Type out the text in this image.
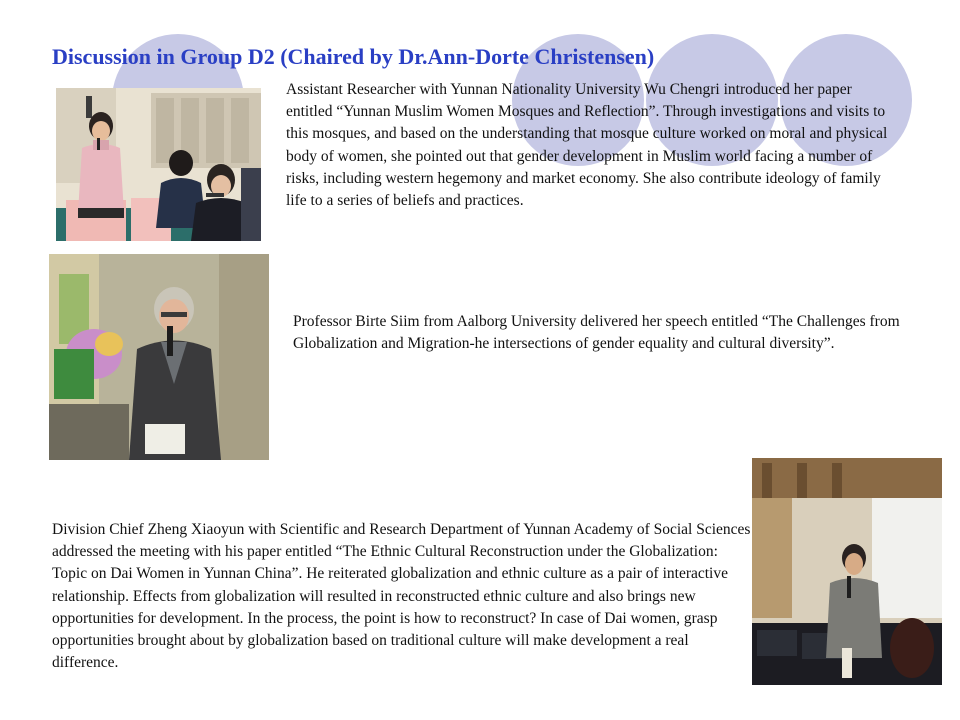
Discussion in Group D2 (Chaired by Dr.Ann-Dorte Christensen)

Assistant Researcher with Yunnan Nationality University Wu Chengri introduced her paper entitled “Yunnan Muslim Women Mosques and Reflection”. Through investigations and visits to this mosques, and based on the understanding that mosque culture worked on moral and physical body of women, she pointed out that gender development in Muslim world facing a number of risks, including western hegemony and market economy. She also contribute ideology of family life to a series of beliefs and practices.

Professor Birte Siim from Aalborg University delivered her speech entitled “The Challenges from Globalization and Migration-he intersections of gender equality and cultural diversity”.

Division Chief Zheng Xiaoyun with Scientific and Research Department of Yunnan Academy of Social Sciences addressed the meeting with his paper entitled “The Ethnic Cultural Reconstruction under the Globalization: Topic on Dai Women in Yunnan China”. He reiterated globalization and ethnic culture as a pair of interactive relationship. Effects from globalization will resulted in reconstructed ethnic culture and also brings new opportunities for development. In the process, the point is how to reconstruct? In case of Dai women, grasp opportunities brought about by globalization based on traditional culture will make development a real difference.
